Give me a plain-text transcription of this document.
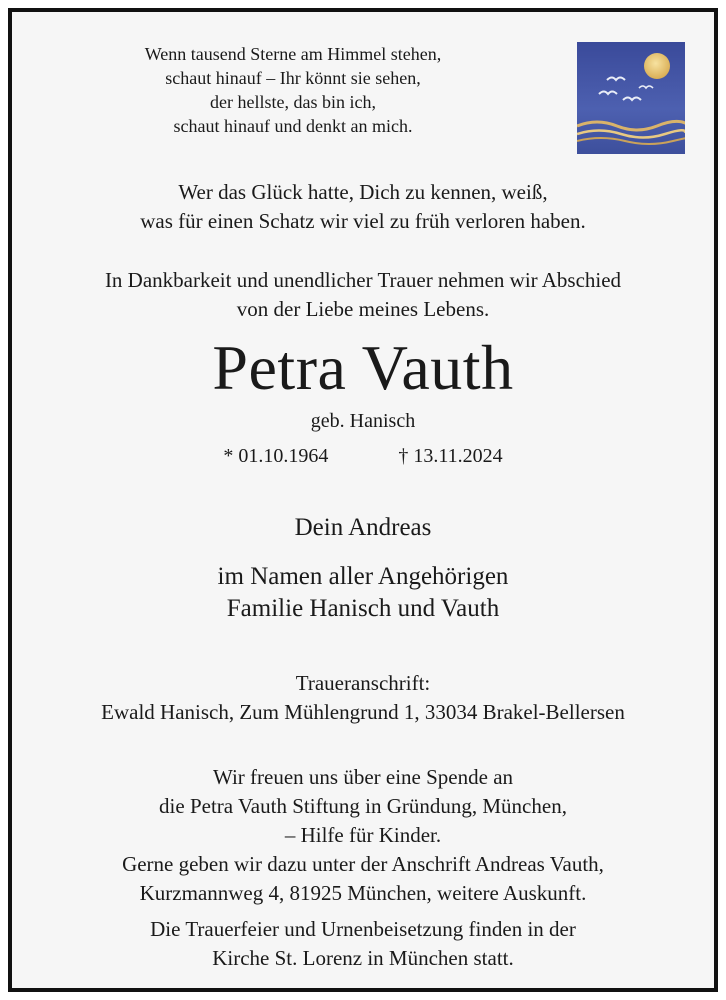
Wenn tausend Sterne am Himmel stehen,
schaut hinauf – Ihr könnt sie sehen,
der hellste, das bin ich,
schaut hinauf und denkt an mich.
Wer das Glück hatte, Dich zu kennen, weiß,
was für einen Schatz wir viel zu früh verloren haben.
In Dankbarkeit und unendlicher Trauer nehmen wir Abschied
von der Liebe meines Lebens.
Petra Vauth
geb. Hanisch
* 01.10.1964	† 13.11.2024
Dein Andreas
im Namen aller Angehörigen
Familie Hanisch und Vauth
Traueranschrift:
Ewald Hanisch, Zum Mühlengrund 1, 33034 Brakel-Bellersen
Wir freuen uns über eine Spende an
die Petra Vauth Stiftung in Gründung, München,
– Hilfe für Kinder.
Gerne geben wir dazu unter der Anschrift Andreas Vauth,
Kurzmannweg 4, 81925 München, weitere Auskunft.
Die Trauerfeier und Urnenbeisetzung finden in der
Kirche St. Lorenz in München statt.
